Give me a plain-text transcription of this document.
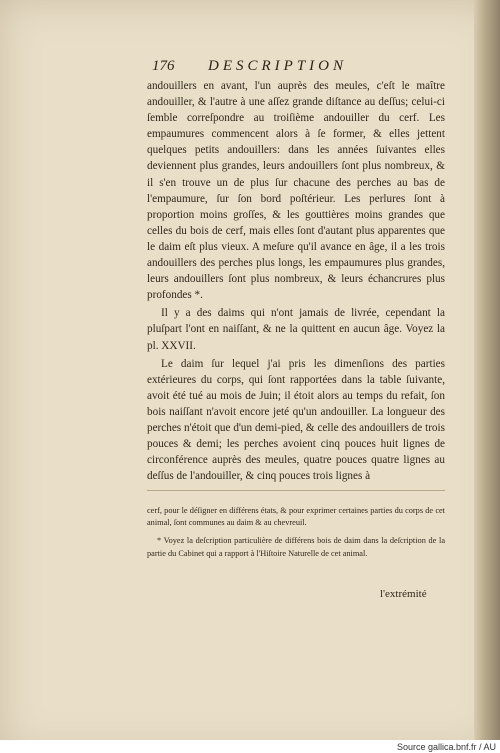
176 DESCRIPTION

andouillers en avant, l'un auprès des meules, c'eſt le maître andouiller, & l'autre à une aſſez grande diſtance au deſſus; celui-ci ſemble correſpondre au troiſième andouiller du cerf. Les empaumures commencent alors à ſe former, & elles jettent quelques petits andouillers: dans les années ſuivantes elles deviennent plus grandes, leurs andouillers ſont plus nombreux, & il s'en trouve un de plus ſur chacune des perches au bas de l'empaumure, ſur ſon bord poſtérieur. Les perlures ſont à proportion moins groſſes, & les gouttières moins grandes que celles du bois de cerf, mais elles ſont d'autant plus apparentes que le daim eſt plus vieux. A meſure qu'il avance en âge, il a les trois andouillers des perches plus longs, les empaumures plus grandes, leurs andouillers ſont plus nombreux, & leurs échancrures plus profondes *.

Il y a des daims qui n'ont jamais de livrée, cependant la pluſpart l'ont en naiſſant, & ne la quittent en aucun âge. Voyez la pl. XXVII.

Le daim ſur lequel j'ai pris les dimenſions des parties extérieures du corps, qui ſont rapportées dans la table ſuivante, avoit été tué au mois de Juin; il étoit alors au temps du refait, ſon bois naiſſant n'avoit encore jeté qu'un andouiller. La longueur des perches n'étoit que d'un demi-pied, & celle des andouillers de trois pouces & demi; les perches avoient cinq pouces huit lignes de circonférence auprès des meules, quatre pouces quatre lignes au deſſus de l'andouiller, & cinq pouces trois lignes à

cerf, pour le déſigner en différens états, & pour exprimer certaines parties du corps de cet animal, ſont communes au daim & au chevreuil.

* Voyez la deſcription particulière de différens bois de daim dans la deſcription de la partie du Cabinet qui a rapport à l'Hiſtoire Naturelle de cet animal.

l'extrémité
Source gallica.bnf.fr / AU
